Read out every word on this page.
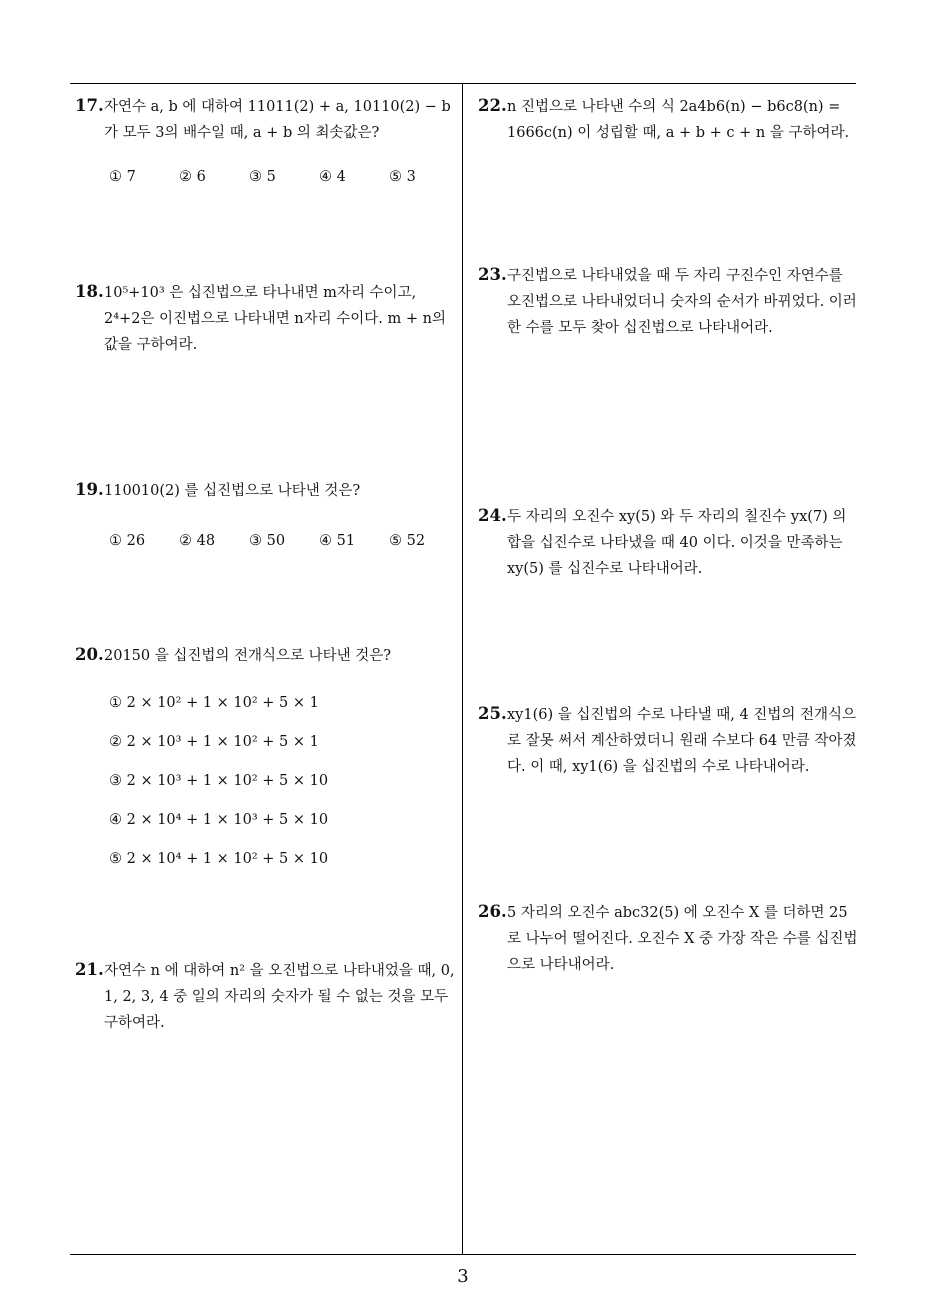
17. 자연수 a, b 에 대하여 11011(2) + a, 10110(2) − b 가 모두 3의 배수일 때, a + b 의 최솟값은?
① 7	② 6	③ 5	④ 4	⑤ 3
18. 10⁵+10³ 은 십진법으로 타나내면 m자리 수이고, 2⁴+2은 이진법으로 나타내면 n자리 수이다. m + n의 값을 구하여라.
19. 110010(2) 를 십진법으로 나타낸 것은?
① 26	② 48	③ 50	④ 51	⑤ 52
20. 20150 을 십진법의 전개식으로 나타낸 것은?
① 2 × 10² + 1 × 10² + 5 × 1
② 2 × 10³ + 1 × 10² + 5 × 1
③ 2 × 10³ + 1 × 10² + 5 × 10
④ 2 × 10⁴ + 1 × 10³ + 5 × 10
⑤ 2 × 10⁴ + 1 × 10² + 5 × 10
21. 자연수 n 에 대하여 n² 을 오진법으로 나타내었을 때, 0, 1, 2, 3, 4 중 일의 자리의 숫자가 될 수 없는 것을 모두 구하여라.
22. n 진법으로 나타낸 수의 식 2a4b6(n) − b6c8(n) = 1666c(n) 이 성립할 때, a + b + c + n 을 구하여라.
23. 구진법으로 나타내었을 때 두 자리 구진수인 자연수를 오진법으로 나타내었더니 숫자의 순서가 바뀌었다. 이러한 수를 모두 찾아 십진법으로 나타내어라.
24. 두 자리의 오진수 xy(5) 와 두 자리의 칠진수 yx(7) 의 합을 십진수로 나타냈을 때 40 이다. 이것을 만족하는 xy(5) 를 십진수로 나타내어라.
25. xy1(6) 을 십진법의 수로 나타낼 때, 4 진법의 전개식으로 잘못 써서 계산하였더니 원래 수보다 64 만큼 작아졌다. 이 때, xy1(6) 을 십진법의 수로 나타내어라.
26. 5 자리의 오진수 abc32(5) 에 오진수 X 를 더하면 25 로 나누어 떨어진다. 오진수 X 중 가장 작은 수를 십진법으로 나타내어라.
3
